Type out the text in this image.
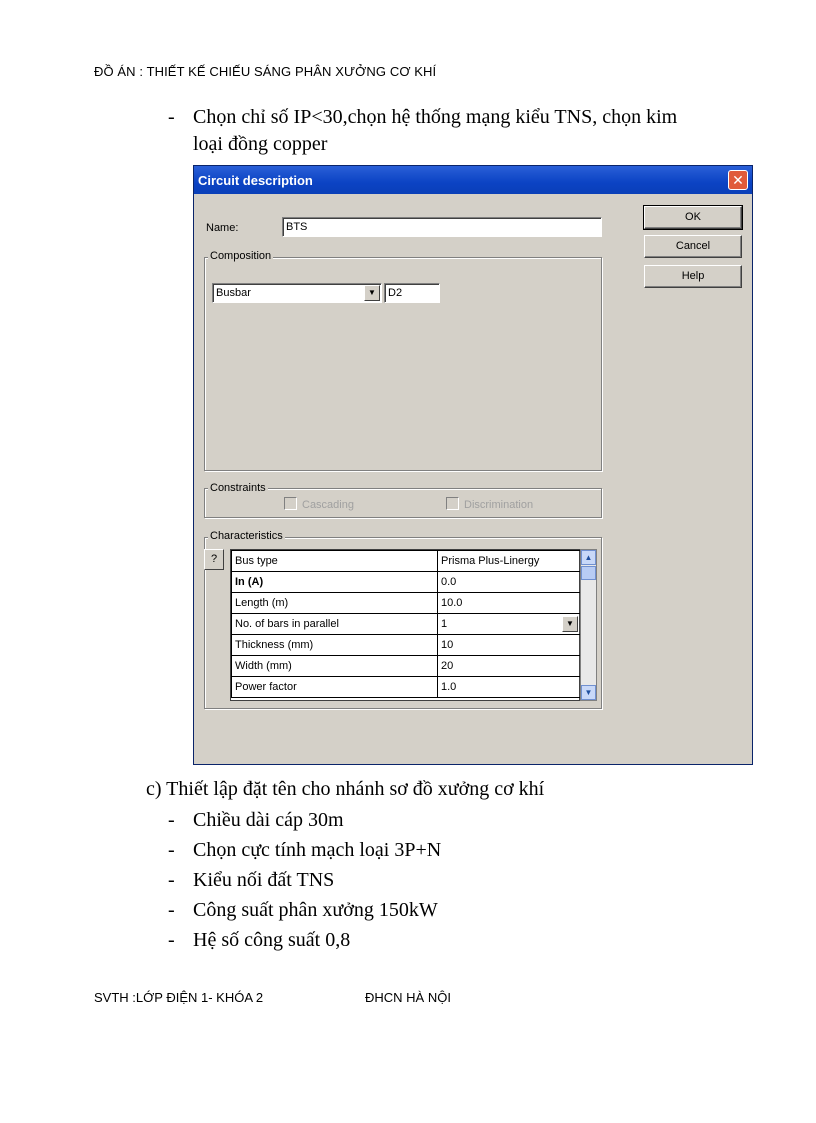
ĐỒ ÁN : THIẾT KẾ CHIẾU SÁNG PHÂN XƯỞNG CƠ KHÍ
- Chọn chỉ số IP<30,chọn hệ thống mạng kiểu TNS, chọn kim
loại đồng copper
Circuit description	✕
Name:	BTS
OK
Cancel
Help
Composition
Busbar	▼	D2
Constraints
Cascading	Discrimination
Characteristics
?	Bus type	Prisma Plus-Linergy
In (A)	0.0
Length (m)	10.0
No. of bars in parallel	1 ▼

Thickness (mm)	10
Width (mm)	20
Power factor	1.0
▲
▼
c) Thiết lập đặt tên cho nhánh sơ đồ xưởng cơ khí
- Chiều dài cáp 30m
- Chọn cực tính mạch loại 3P+N
- Kiểu nối đất TNS
- Công suất phân xưởng 150kW
- Hệ số công suất 0,8
SVTH :LỚP ĐIỆN 1- KHÓA 2	ĐHCN HÀ NỘI
